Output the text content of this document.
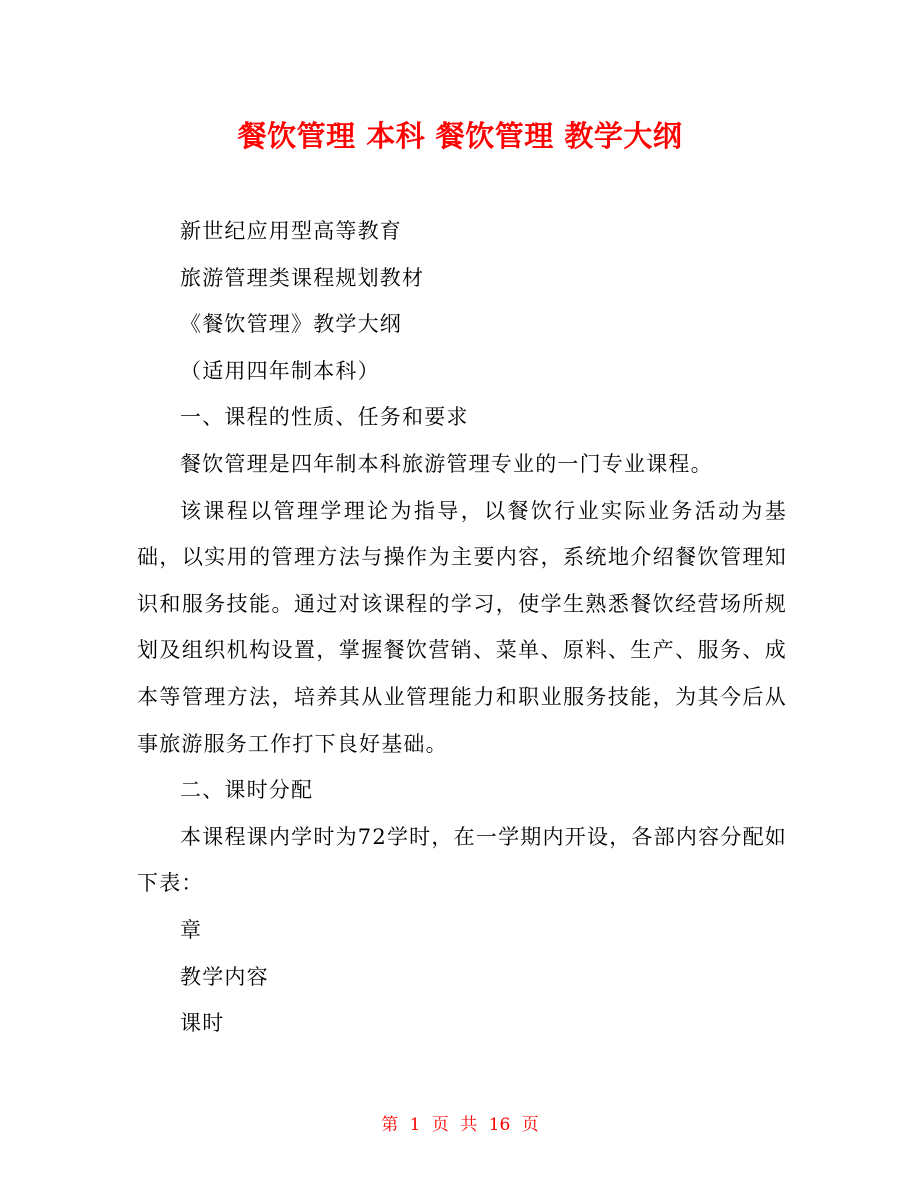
餐饮管理 本科 餐饮管理 教学大纲

新世纪应用型高等教育

旅游管理类课程规划教材

《餐饮管理》教学大纲

（适用四年制本科）

一、课程的性质、任务和要求

餐饮管理是四年制本科旅游管理专业的一门专业课程。

该课程以管理学理论为指导，以餐饮行业实际业务活动为基础，以实用的管理方法与操作为主要内容，系统地介绍餐饮管理知识和服务技能。通过对该课程的学习，使学生熟悉餐饮经营场所规划及组织机构设置，掌握餐饮营销、菜单、原料、生产、服务、成本等管理方法，培养其从业管理能力和职业服务技能，为其今后从事旅游服务工作打下良好基础。

二、课时分配

本课程课内学时为72学时，在一学期内开设，各部内容分配如下表：

章

教学内容

课时

第 1 页 共 16 页
